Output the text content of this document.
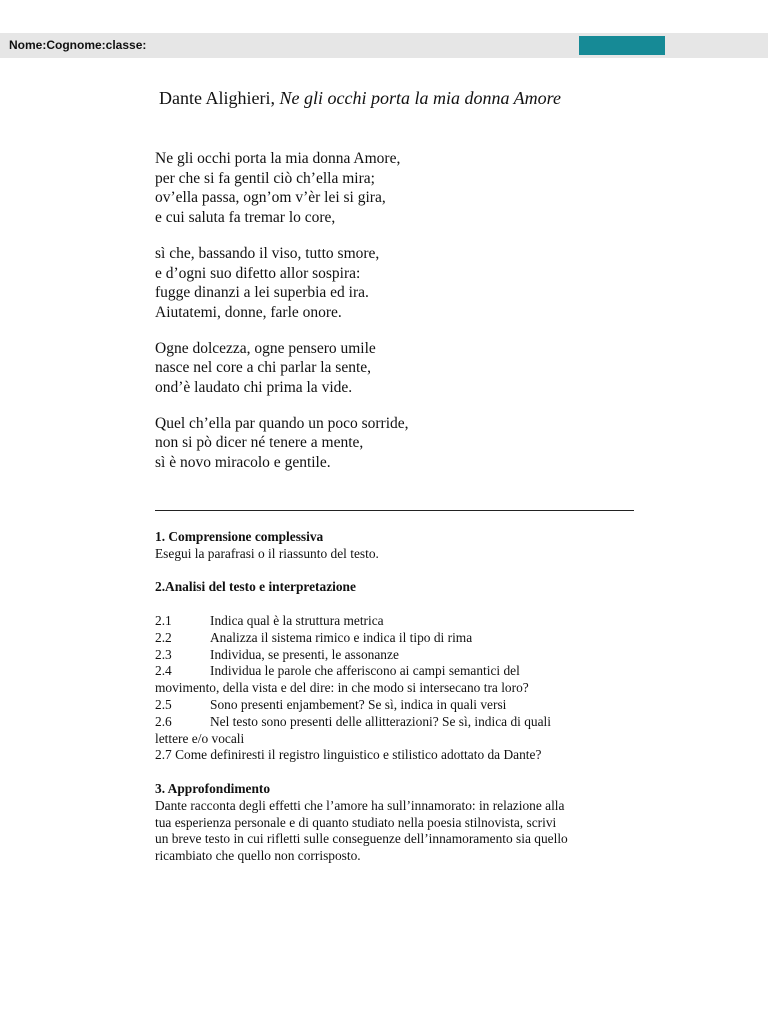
Nome:Cognome:classe:
Dante Alighieri, Ne gli occhi porta la mia donna Amore
Ne gli occhi porta la mia donna Amore,
per che si fa gentil ciò ch’ella mira;
ov’ella passa, ogn’om v’èr lei si gira,
e cui saluta fa tremar lo core,
sì che, bassando il viso, tutto smore,
e d’ogni suo difetto allor sospira:
fugge dinanzi a lei superbia ed ira.
Aiutatemi, donne, farle onore.
Ogne dolcezza, ogne pensero umile
nasce nel core a chi parlar la sente,
ond’è laudato chi prima la vide.
Quel ch’ella par quando un poco sorride,
non si pò dicer né tenere a mente,
sì è novo miracolo e gentile.
1. Comprensione complessiva
Esegui la parafrasi o il riassunto del testo.
2.Analisi del testo e interpretazione
2.1	Indica qual è la struttura metrica
2.2	Analizza il sistema rimico e indica il tipo di rima
2.3	Individua, se presenti, le assonanze
2.4	Individua le parole che afferiscono ai campi semantici del
movimento, della vista e del dire: in che modo si intersecano tra loro?
2.5	Sono presenti enjambement? Se sì, indica in quali versi
2.6	Nel testo sono presenti delle allitterazioni? Se sì, indica di quali
lettere e/o vocali
2.7 Come definiresti il registro linguistico e stilistico adottato da Dante?
3. Approfondimento
Dante racconta degli effetti che l’amore ha sull’innamorato: in relazione alla
tua esperienza personale e di quanto studiato nella poesia stilnovista, scrivi
un breve testo in cui rifletti sulle conseguenze dell’innamoramento sia quello
ricambiato che quello non corrisposto.
